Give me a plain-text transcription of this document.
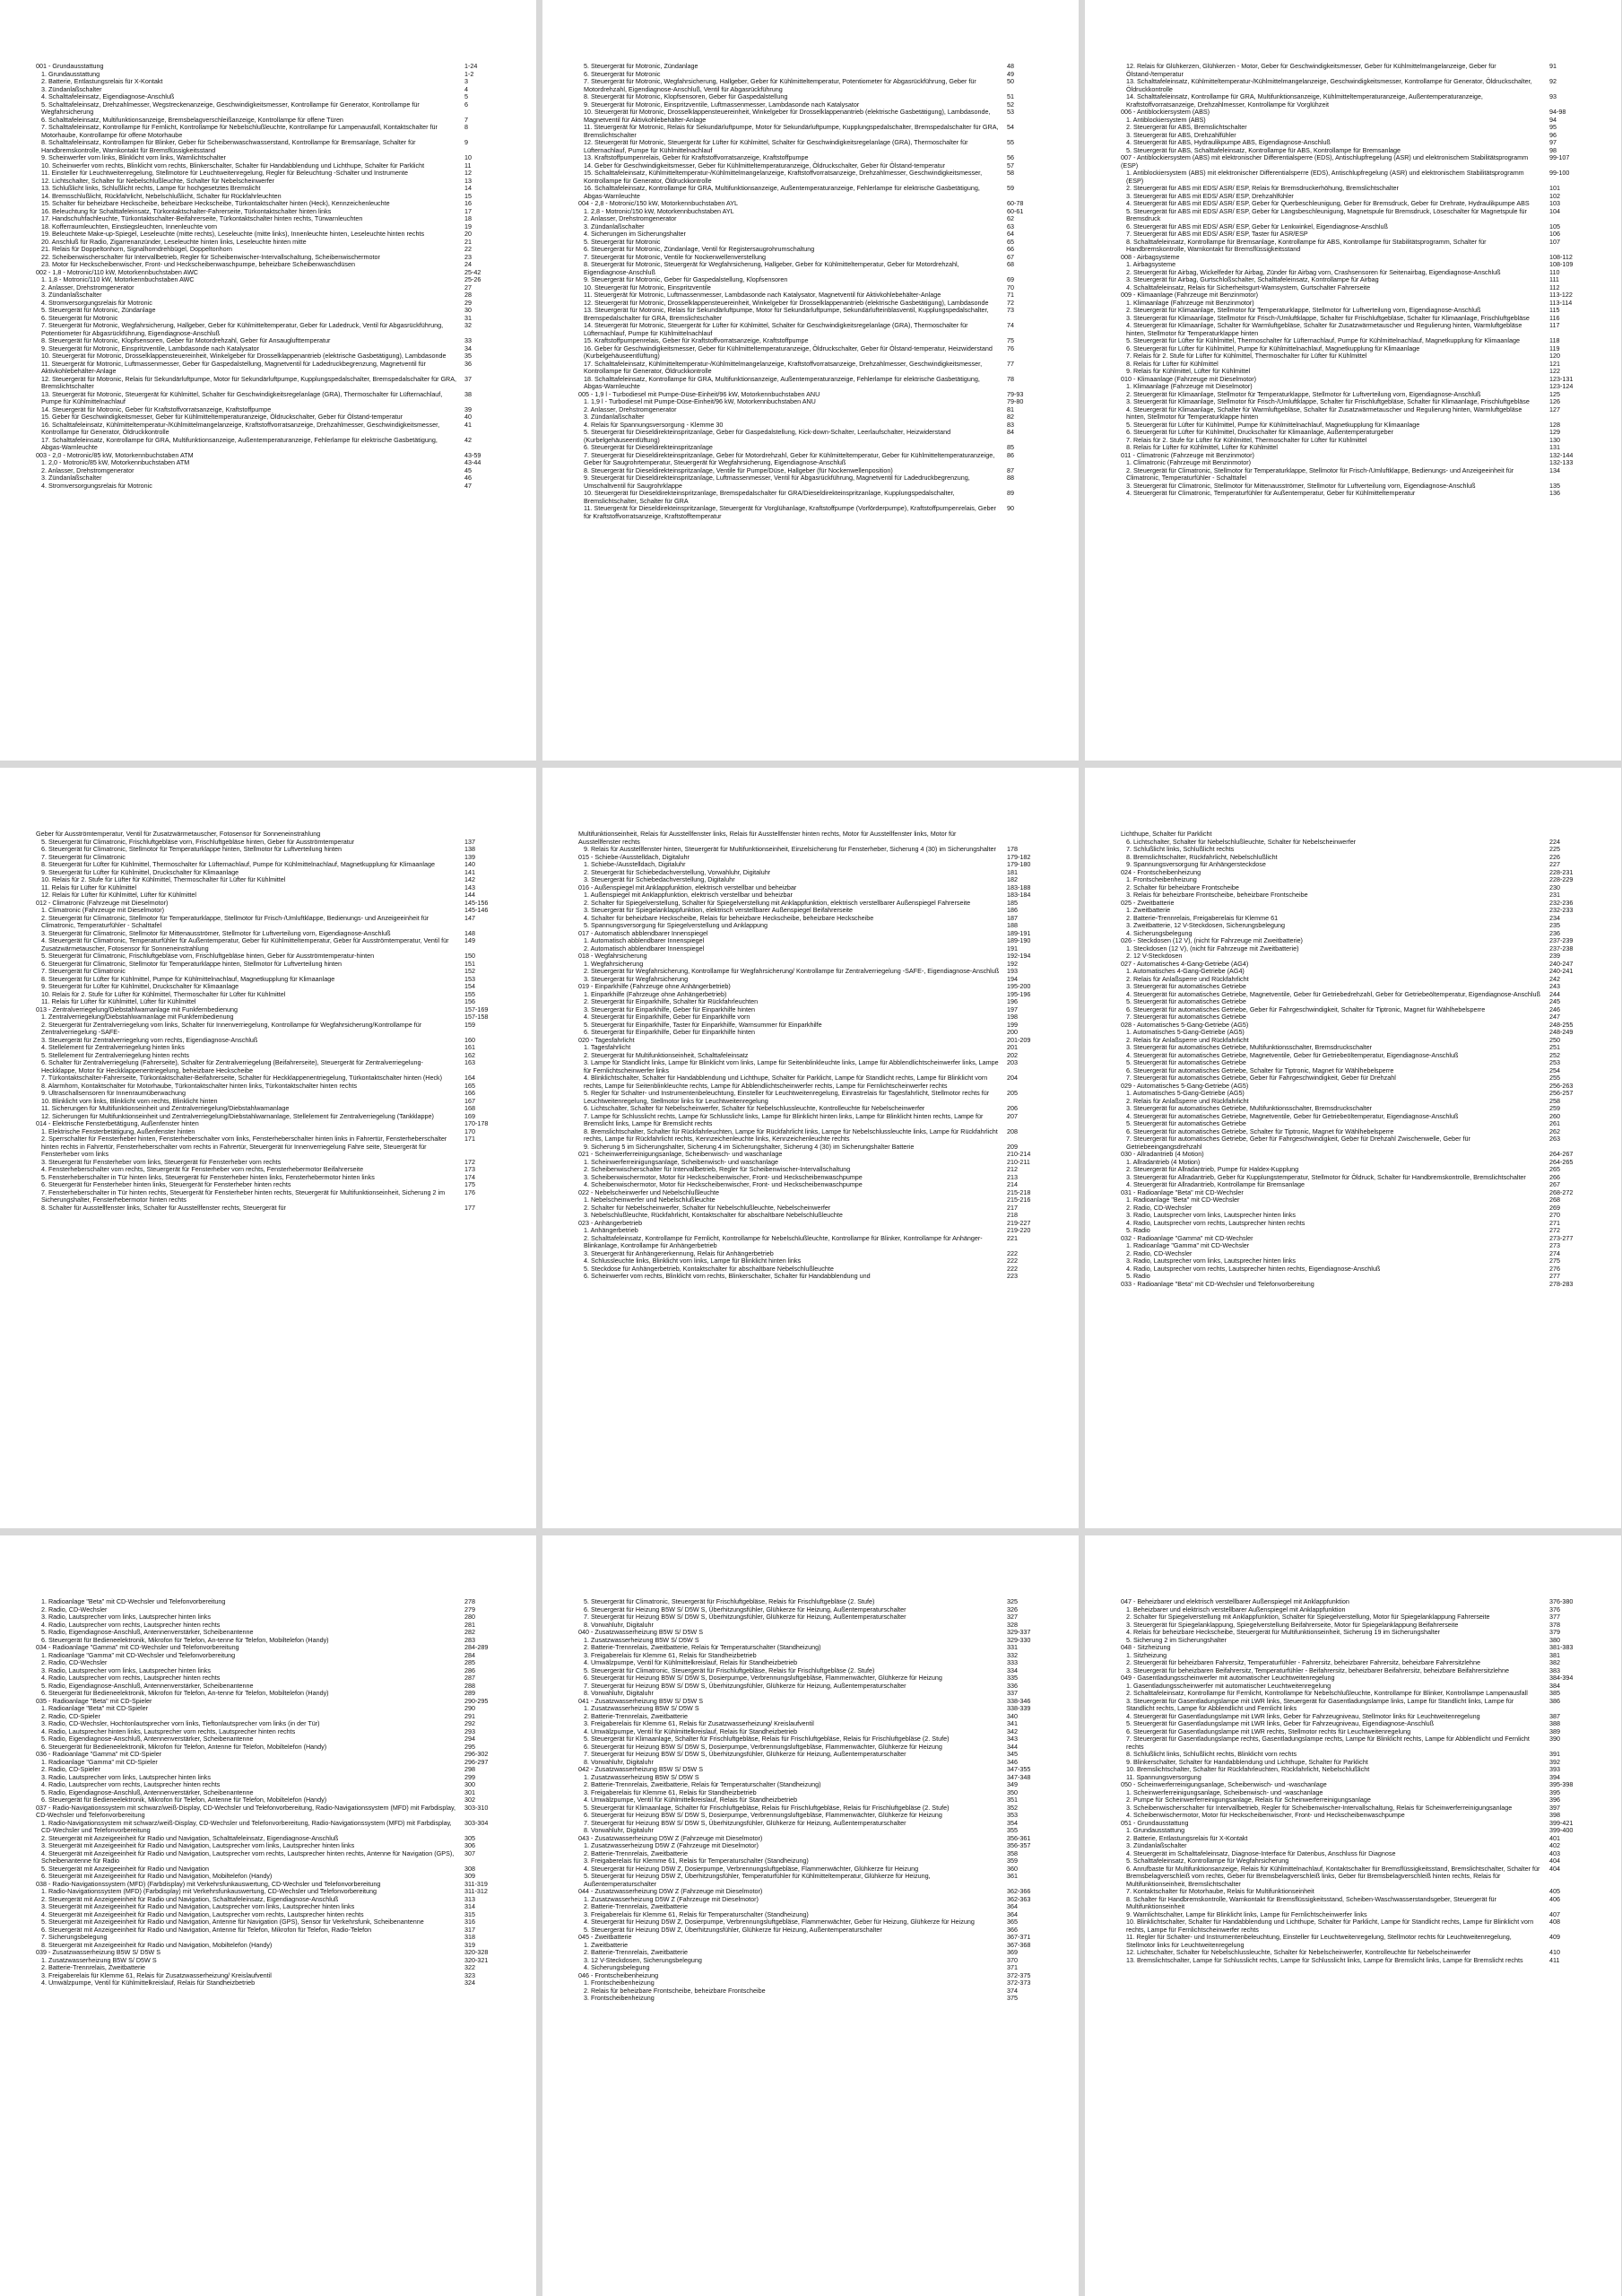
001 - Grundausstattung	1-24
1. Grundausstattung	1-2
2. Batterie, Entlastungsrelais für X-Kontakt	3
3. Zündanlaßschalter	4
4. Schalttafeleinsatz, Eigendiagnose-Anschluß	5
5. Schalttafeleinsatz, Drehzahlmesser, Wegstreckenanzeige, Geschwindigkeitsmesser, Kontrollampe für Generator, Kontrollampe für Wegfahrsicherung
6
6. Schalttafeleinsatz, Multifunktionsanzeige, Bremsbelagverschleißanzeige, Kontrollampe für offene Türen	7
7. Schalttafeleinsatz, Kontrollampe für Fernlicht, Kontrollampe für Nebelschlußleuchte, Kontrollampe für Lampenausfall, Kontaktschalter für Motorhaube, Kontrollampe für offene Motorhaube
8
8. Schalttafeleinsatz, Kontrollampen für Blinker, Geber für Scheibenwaschwasserstand, Kontrollampe für Bremsanlage, Schalter für Handbremskontrolle, Warnkontakt für Bremsflüssigkeitsstand
9
9. Scheinwerfer vorn links, Blinklicht vorn links, Warnlichtschalter	10
10. Scheinwerfer vorn rechts, Blinklicht vorn rechts, Blinkerschalter, Schalter für Handabblendung und Lichthupe, Schalter für Parklicht	11
11. Einsteller für Leuchtweitenregelung, Stellmotore für Leuchtweitenregelung, Regler für Beleuchtung -Schalter und Instrumente	12
12. Lichtschalter, Schalter für Nebelschlußleuchte, Schalter für Nebelscheinwerfer	13
13. Schlußlicht links, Schlußlicht rechts, Lampe für hochgesetztes Bremslicht	14
14. Bremsschlußlicht, Rückfahrlicht, Nebelschlußlicht, Schalter für Rückfahrleuchten	15
15. Schalter für beheizbare Heckscheibe, beheizbare Heckscheibe, Türkontaktschalter hinten (Heck), Kennzeichenleuchte	16
16. Beleuchtung für Schalttafeleinsatz, Türkontaktschalter-Fahrerseite, Türkontaktschalter hinten links	17
17. Handschuhfachleuchte, Türkontaktschalter-Beifahrerseite, Türkontaktschalter hinten rechts, Türwarnleuchten	18
18. Kofferraumleuchten, Einstiegsleuchten, Innenleuchte vorn	19
19. Beleuchtete Make-up-Spiegel, Leseleuchte (mitte rechts), Leseleuchte (mitte links), Innenleuchte hinten, Leseleuchte hinten rechts	20
20. Anschluß für Radio, Zigarrenanzünder, Leseleuchte hinten links, Leseleuchte hinten mitte	21
21. Relais für Doppeltonhorn, Signalhorndrehbügel, Doppeltonhorn	22
22. Scheibenwischerschalter für Intervallbetrieb, Regler für Scheibenwischer-Intervallschaltung, Scheibenwischermotor	23
23. Motor für Heckscheibenwischer, Front- und Heckscheibenwaschpumpe, beheizbare Scheibenwaschdüsen	24
002 - 1,8 - Motronic/110 kW, Motorkennbuchstaben AWC	25-42
1. 1,8 - Motronic/110 kW, Motorkennbuchstaben AWC	25-26
2. Anlasser, Drehstromgenerator	27
3. Zündanlaßschalter	28
4. Stromversorgungsrelais für Motronic	29
5. Steuergerät für Motronic, Zündanlage	30
6. Steuergerät für Motronic	31
7. Steuergerät für Motronic, Wegfahrsicherung, Hallgeber, Geber für Kühlmitteltemperatur, Geber für Ladedruck, Ventil für Abgasrückführung, Potentiometer für Abgasrückführung, Eigendiagnose-Anschluß
32
8. Steuergerät für Motronic, Klopfsensoren, Geber für Motordrehzahl, Geber für Ansauglufttemperatur	33
9. Steuergerät für Motronic, Einspritzventile, Lambdasonde nach Katalysator	34
10. Steuergerät für Motronic, Drosselklappensteuereinheit, Winkelgeber für Drosselklappenantrieb (elektrische Gasbetätigung), Lambdasonde	35
11. Steuergerät für Motronic, Luftmassenmesser, Geber für Gaspedalstellung, Magnetventil für Ladedruckbegrenzung, Magnetventil für Aktivkohlebehälter-Anlage
36
12. Steuergerät für Motronic, Relais für Sekundärluftpumpe, Motor für Sekundärluftpumpe, Kupplungspedalschalter, Bremspedalschalter für GRA, Bremslichtschalter
37
13. Steuergerät für Motronic, Steuergerät für Kühlmittel, Schalter für Geschwindigkeitsregelanlage (GRA), Thermoschalter für Lüfternachlauf, Pumpe für Kühlmittelnachlauf
38
14. Steuergerät für Motronic, Geber für Kraftstoffvorratsanzeige, Kraftstoffpumpe	39
15. Geber für Geschwindigkeitsmesser, Geber für Kühlmitteltemperaturanzeige, Öldruckschalter, Geber für Ölstand-temperatur	40
16. Schalttafeleinsatz, Kühlmitteltemperatur-/Kühlmittelmangelanzeige, Kraftstoffvorratsanzeige, Drehzahlmesser, Geschwindigkeitsmesser, Kontrollampe für Generator, Öldruckkontrolle
41
17. Schalttafeleinsatz, Kontrollampe für GRA, Multifunktionsanzeige, Außentemperaturanzeige, Fehlerlampe für elektrische Gasbetätigung, Abgas-Warnleuchte
42
003 - 2,0 - Motronic/85 kW, Motorkennbuchstaben ATM	43-59
1. 2,0 - Motronic/85 kW, Motorkennbuchstaben ATM	43-44
2. Anlasser, Drehstromgenerator	45
3. Zündanlaßschalter	46
4. Stromversorgungsrelais für Motronic	47
5. Steuergerät für Motronic, Zündanlage	48
6. Steuergerät für Motronic	49
7. Steuergerät für Motronic, Wegfahrsicherung, Hallgeber, Geber für Kühlmitteltemperatur, Potentiometer für Abgasrückführung, Geber für Motordrehzahl, Eigendiagnose-Anschluß, Ventil für Abgasrückführung
50
8. Steuergerät für Motronic, Klopfsensoren, Geber für Gaspedalstellung	51
9. Steuergerät für Motronic, Einspritzventile, Luftmassenmesser, Lambdasonde nach Katalysator	52
10. Steuergerät für Motronic, Drosselklappensteuereinheit, Winkelgeber für Drosselklappenantrieb (elektrische Gasbetätigung), Lambdasonde, Magnetventil für Aktivkohlebehälter-Anlage
53
11. Steuergerät für Motronic, Relais für Sekundärluftpumpe, Motor für Sekundärluftpumpe, Kupplungspedalschalter, Bremspedalschalter für GRA, Bremslichtschalter
54
12. Steuergerät für Motronic, Steuergerät für Lüfter für Kühlmittel, Schalter für Geschwindigkeitsregelanlage (GRA), Thermoschalter für Lüfternachlauf, Pumpe für Kühlmittelnachlauf
55
13. Kraftstoffpumpenrelais, Geber für Kraftstoffvorratsanzeige, Kraftstoffpumpe	56
14. Geber für Geschwindigkeitsmesser, Geber für Kühlmitteltemperaturanzeige, Öldruckschalter, Geber für Ölstand-temperatur	57
15. Schalttafeleinsatz, Kühlmitteltemperatur-/Kühlmittelmangelanzeige, Kraftstoffvorratsanzeige, Drehzahlmesser, Geschwindigkeitsmesser, Kontrollampe für Generator, Öldruckkontrolle
58
16. Schalttafeleinsatz, Kontrollampe für GRA, Multifunktionsanzeige, Außentemperaturanzeige, Fehlerlampe für elektrische Gasbetätigung, Abgas-Warnleuchte
59
004 - 2,8 - Motronic/150 kW, Motorkennbuchstaben AYL	60-78
1. 2,8 - Motronic/150 kW, Motorkennbuchstaben AYL	60-61
2. Anlasser, Drehstromgenerator	62
3. Zündanlaßschalter	63
4. Sicherungen im Sicherungshalter	64
5. Steuergerät für Motronic	65
6. Steuergerät für Motronic, Zündanlage, Ventil für Registersaugrohrumschaltung	66
7. Steuergerät für Motronic, Ventile für Nockenwellenverstellung	67
8. Steuergerät für Motronic, Steuergerät für Wegfahrsicherung, Hallgeber, Geber für Kühlmitteltemperatur, Geber für Motordrehzahl, Eigendiagnose-Anschluß
68
9. Steuergerät für Motronic, Geber für Gaspedalstellung, Klopfsensoren	69
10. Steuergerät für Motronic, Einspritzventile	70
11. Steuergerät für Motronic, Luftmassenmesser, Lambdasonde nach Katalysator, Magnetventil für Aktivkohlebehälter-Anlage	71
12. Steuergerät für Motronic, Drosselklappensteuereinheit, Winkelgeber für Drosselklappenantrieb (elektrische Gasbetätigung), Lambdasonde	72
13. Steuergerät für Motronic, Relais für Sekundärluftpumpe, Motor für Sekundärluftpumpe, Sekundärlufteinblasventil, Kupplungspedalschalter, Bremspedalschalter für GRA, Bremslichtschalter
73
14. Steuergerät für Motronic, Steuergerät für Lüfter für Kühlmittel, Schalter für Geschwindigkeitsregelanlage (GRA), Thermoschalter für Lüfternachlauf, Pumpe für Kühlmittelnachlauf
74
15. Kraftstoffpumpenrelais, Geber für Kraftstoffvorratsanzeige, Kraftstoffpumpe	75
16. Geber für Geschwindigkeitsmesser, Geber für Kühlmitteltemperaturanzeige, Öldruckschalter, Geber für Ölstand-temperatur, Heizwiderstand (Kurbelgehäuseentlüftung)
76
17. Schalttafeleinsatz, Kühlmitteltemperatur-/Kühlmittelmangelanzeige, Kraftstoffvorratsanzeige, Drehzahlmesser, Geschwindigkeitsmesser, Kontrollampe für Generator, Öldruckkontrolle
77
18. Schalttafeleinsatz, Kontrollampe für GRA, Multifunktionsanzeige, Außentemperaturanzeige, Fehlerlampe für elektrische Gasbetätigung, Abgas-Warnleuchte
78
005 - 1,9 l - Turbodiesel mit Pumpe-Düse-Einheit/96 kW, Motorkennbuchstaben ANU	79-93
1. 1,9 l - Turbodiesel mit Pumpe-Düse-Einheit/96 kW, Motorkennbuchstaben ANU	79-80
2. Anlasser, Drehstromgenerator	81
3. Zündanlaßschalter	82
4. Relais für Spannungsversorgung - Klemme 30	83
5. Steuergerät für Dieseldirekteinspritzanlage, Geber für Gaspedalstellung, Kick-down-Schalter, Leerlaufschalter, Heizwiderstand (Kurbelgehäuseentlüftung)
84
6. Steuergerät für Dieseldirekteinspritzanlage	85
7. Steuergerät für Dieseldirekteinspritzanlage, Geber für Motordrehzahl, Geber für Kühlmitteltemperatur, Geber für Kühlmitteltemperaturanzeige, Geber für Saugrohrtemperatur, Steuergerät für Wegfahrsicherung, Eigendiagnose-Anschluß
86
8. Steuergerät für Dieseldirekteinspritzanlage, Ventile für Pumpe/Düse, Hallgeber (für Nockenwellenposition)	87
9. Steuergerät für Dieseldirekteinspritzanlage, Luftmassenmesser, Ventil für Abgasrückführung, Magnetventil für Ladedruckbegrenzung, Umschaltventil für Saugrohrklappe
88
10. Steuergerät für Dieseldirekteinspritzanlage, Bremspedalschalter für GRA/Dieseldirekteinspritzanlage, Kupplungspedalschalter, Bremslichtschalter, Schalter für GRA
89
11. Steuergerät für Dieseldirekteinspritzanlage, Steuergerät für Vorglühanlage, Kraftstoffpumpe (Vorförderpumpe), Kraftstoffpumpenrelais, Geber für Kraftstoffvorratsanzeige, Kraftstofftemperatur
90
12. Relais für Glühkerzen, Glühkerzen - Motor, Geber für Geschwindigkeitsmesser, Geber für Kühlmittelmangelanzeige, Geber für Ölstand-/temperatur
91
13. Schalttafeleinsatz, Kühlmitteltemperatur-/Kühlmittelmangelanzeige, Geschwindigkeitsmesser, Kontrollampe für Generator, Öldruckschalter, Öldruckkontrolle
92
14. Schalttafeleinsatz, Kontrollampe für GRA, Multifunktionsanzeige, Kühlmitteltemperaturanzeige, Außentemperaturanzeige, Kraftstoffvorratsanzeige, Drehzahlmesser, Kontrollampe für Vorglühzeit
93
006 - Antiblockiersystem (ABS)	94-98
1. Antiblockiersystem (ABS)	94
2. Steuergerät für ABS, Bremslichtschalter	95
3. Steuergerät für ABS, Drehzahlfühler	96
4. Steuergerät für ABS, Hydraulikpumpe ABS, Eigendiagnose-Anschluß	97
5. Steuergerät für ABS, Schalttafeleinsatz, Kontrollampe für ABS, Kontrollampe für Bremsanlage	98
007 - Antiblockiersystem (ABS) mit elektronischer Differentialsperre (EDS), Antischlupfregelung (ASR) und elektronischem Stabilitätsprogramm (ESP)
99-107
1. Antiblockiersystem (ABS) mit elektronischer Differentialsperre (EDS), Antischlupfregelung (ASR) und elektronischem Stabilitätsprogramm (ESP)
99-100
2. Steuergerät für ABS mit EDS/ ASR/ ESP, Relais für Bremsdruckerhöhung, Bremslichtschalter	101
3. Steuergerät für ABS mit EDS/ ASR/ ESP, Drehzahlfühler	102
4. Steuergerät für ABS mit EDS/ ASR/ ESP, Geber für Querbeschleunigung, Geber für Bremsdruck, Geber für Drehrate, Hydraulikpumpe ABS	103
5. Steuergerät für ABS mit EDS/ ASR/ ESP, Geber für Längsbeschleunigung, Magnetspule für Bremsdruck, Löseschalter für Magnetspule für Bremsdruck
104
6. Steuergerät für ABS mit EDS/ ASR/ ESP, Geber für Lenkwinkel, Eigendiagnose-Anschluß	105
7. Steuergerät für ABS mit EDS/ ASR/ ESP, Taster für ASR/ESP	106
8. Schalttafeleinsatz, Kontrollampe für Bremsanlage, Kontrollampe für ABS, Kontrollampe für Stabilitätsprogramm, Schalter für Handbremskontrolle, Warnkontakt für Bremsflüssigkeitsstand
107
008 - Airbagsysteme	108-112
1. Airbagsysteme	108-109
2. Steuergerät für Airbag, Wickelfeder für Airbag, Zünder für Airbag vorn, Crashsensoren für Seitenairbag, Eigendiagnose-Anschluß	110
3. Steuergerät für Airbag, Gurtschloßschalter, Schalttafeleinsatz, Kontrollampe für Airbag	111
4. Schalttafeleinsatz, Relais für Sicherheitsgurt-Warnsystem, Gurtschalter Fahrerseite	112
009 - Klimaanlage (Fahrzeuge mit Benzinmotor)	113-122
1. Klimaanlage (Fahrzeuge mit Benzinmotor)	113-114
2. Steuergerät für Klimaanlage, Stellmotor für Temperaturklappe, Stellmotor für Luftverteilung vorn, Eigendiagnose-Anschluß	115
3. Steuergerät für Klimaanlage, Stellmotor für Frisch-/Umluftklappe, Schalter für Frischluftgebläse, Schalter für Klimaanlage, Frischluftgebläse	116
4. Steuergerät für Klimaanlage, Schalter für Warmluftgebläse, Schalter für Zusatzwärmetauscher und Regulierung hinten, Warmluftgebläse hinten, Stellmotor für Temperaturklappe hinten
117
5. Steuergerät für Lüfter für Kühlmittel, Thermoschalter für Lüfternachlauf, Pumpe für Kühlmittelnachlauf, Magnetkupplung für Klimaanlage	118
6. Steuergerät für Lüfter für Kühlmittel, Pumpe für Kühlmittelnachlauf, Magnetkupplung für Klimaanlage	119
7. Relais für 2. Stufe für Lüfter für Kühlmittel, Thermoschalter für Lüfter für Kühlmittel	120
8. Relais für Lüfter für Kühlmittel	121
9. Relais für Kühlmittel, Lüfter für Kühlmittel	122
010 - Klimaanlage (Fahrzeuge mit Dieselmotor)	123-131
1. Klimaanlage (Fahrzeuge mit Dieselmotor)	123-124
2. Steuergerät für Klimaanlage, Stellmotor für Temperaturklappe, Stellmotor für Luftverteilung vorn, Eigendiagnose-Anschluß	125
3. Steuergerät für Klimaanlage, Stellmotor für Frisch-/Umluftklappe, Schalter für Frischluftgebläse, Schalter für Klimaanlage, Frischluftgebläse	126
4. Steuergerät für Klimaanlage, Schalter für Warmluftgebläse, Schalter für Zusatzwärmetauscher und Regulierung hinten, Warmluftgebläse hinten, Stellmotor für Temperaturklappe hinten
127
5. Steuergerät für Lüfter für Kühlmittel, Pumpe für Kühlmittelnachlauf, Magnetkupplung für Klimaanlage	128
6. Steuergerät für Lüfter für Kühlmittel, Druckschalter für Klimaanlage, Außentemperaturgeber	129
7. Relais für 2. Stufe für Lüfter für Kühlmittel, Thermoschalter für Lüfter für Kühlmittel	130
8. Relais für Lüfter für Kühlmittel, Lüfter für Kühlmittel	131
011 - Climatronic (Fahrzeuge mit Benzinmotor)	132-144
1. Climatronic (Fahrzeuge mit Benzinmotor)	132-133
2. Steuergerät für Climatronic, Stellmotor für Temperaturklappe, Stellmotor für Frisch-/Umluftklappe, Bedienungs- und Anzeigeeinheit für Climatronic, Temperaturfühler - Schalttafel
134
3. Steuergerät für Climatronic, Stellmotor für Mittenausströmer, Stellmotor für Luftverteilung vorn, Eigendiagnose-Anschluß	135
4. Steuergerät für Climatronic, Temperaturfühler für Außentemperatur, Geber für Kühlmitteltemperatur	136
Geber für Ausströmtemperatur, Ventil für Zusatzwärmetauscher, Fotosensor für Sonneneinstrahlung
5. Steuergerät für Climatronic, Frischluftgebläse vorn, Frischluftgebläse hinten, Geber für Ausströmtemperatur	137
6. Steuergerät für Climatronic, Stellmotor für Temperaturklappe hinten, Stellmotor für Luftverteilung hinten	138
7. Steuergerät für Climatronic	139
8. Steuergerät für Lüfter für Kühlmittel, Thermoschalter für Lüfternachlauf, Pumpe für Kühlmittelnachlauf, Magnetkupplung für Klimaanlage	140
9. Steuergerät für Lüfter für Kühlmittel, Druckschalter für Klimaanlage	141
10. Relais für 2. Stufe für Lüfter für Kühlmittel, Thermoschalter für Lüfter für Kühlmittel	142
11. Relais für Lüfter für Kühlmittel	143
12. Relais für Lüfter für Kühlmittel, Lüfter für Kühlmittel	144
012 - Climatronic (Fahrzeuge mit Dieselmotor)	145-156
1. Climatronic (Fahrzeuge mit Dieselmotor)	145-146
2. Steuergerät für Climatronic, Stellmotor für Temperaturklappe, Stellmotor für Frisch-/Umluftklappe, Bedienungs- und Anzeigeeinheit für Climatronic, Temperaturfühler - Schalttafel
147
3. Steuergerät für Climatronic, Stellmotor für Mittenausströmer, Stellmotor für Luftverteilung vorn, Eigendiagnose-Anschluß	148
4. Steuergerät für Climatronic, Temperaturfühler für Außentemperatur, Geber für Kühlmitteltemperatur, Geber für Ausströmtemperatur, Ventil für Zusatzwärmetauscher, Fotosensor für Sonneneinstrahlung
149
5. Steuergerät für Climatronic, Frischluftgebläse vorn, Frischluftgebläse hinten, Geber für Ausströmtemperatur-hinten	150
6. Steuergerät für Climatronic, Stellmotor für Temperaturklappe hinten, Stellmotor für Luftverteilung hinten	151
7. Steuergerät für Climatronic	152
8. Steuergerät für Lüfter für Kühlmittel, Pumpe für Kühlmittelnachlauf, Magnetkupplung für Klimaanlage	153
9. Steuergerät für Lüfter für Kühlmittel, Druckschalter für Klimaanlage	154
10. Relais für 2. Stufe für Lüfter für Kühlmittel, Thermoschalter für Lüfter für Kühlmittel	155
11. Relais für Lüfter für Kühlmittel, Lüfter für Kühlmittel	156
013 - Zentralverriegelung/Diebstahlwarnanlage mit Funkfernbedienung	157-169
1. Zentralverriegelung/Diebstahlwarnanlage mit Funkfernbedienung	157-158
2. Steuergerät für Zentralverriegelung vorn links, Schalter für Innenverriegelung, Kontrollampe für Wegfahrsicherung/Kontrollampe für Zentralverriegelung -SAFE-
159
3. Steuergerät für Zentralverriegelung vorn rechts, Eigendiagnose-Anschluß	160
4. Stellelement für Zentralverriegelung hinten links	161
5. Stellelement für Zentralverriegelung hinten rechts	162
6. Schalter für Zentralverriegelung (Fahrerseite), Schalter für Zentralverriegelung (Beifahrerseite), Steuergerät für Zentralverriegelung-Heckklappe, Motor für Heckklappenentriegelung, beheizbare Heckscheibe
163
7. Türkontaktschalter-Fahrerseite, Türkontaktschalter-Beifahrerseite, Schalter für Heckklappenentriegelung, Türkontaktschalter hinten (Heck)	164
8. Alarmhorn, Kontaktschalter für Motorhaube, Türkontaktschalter hinten links, Türkontaktschalter hinten rechts	165
9. Ultraschallsensoren für Innenraumüberwachung	166
10. Blinklicht vorn links, Blinklicht vorn rechts, Blinklicht hinten	167
11. Sicherungen für Multifunktionseinheit und Zentralverriegelung/Diebstahlwarnanlage	168
12. Sicherungen für Multifunktionseinheit und Zentralverriegelung/Diebstahlwarnanlage, Stellelement für Zentralverriegelung (Tankklappe)	169
014 - Elektrische Fensterbetätigung, Außenfenster hinten	170-178
1. Elektrische Fensterbetätigung, Außenfenster hinten	170
2. Sperrschalter für Fensterheber hinten, Fensterheberschalter vorn links, Fensterheberschalter hinten links in Fahrertür, Fensterheberschalter hinten rechts in Fahrertür, Fensterheberschalter vorn rechts in Fahrertür, Steuergerät für Innenverriegelung Fahre seite, Steuergerät für Fensterheber vorn links
171
3. Steuergerät für Fensterheber vorn links, Steuergerät für Fensterheber vorn rechts	172
4. Fensterheberschalter vorn rechts, Steuergerät für Fensterheber vorn rechts, Fensterhebermotor Beifahrerseite	173
5. Fensterheberschalter in Tür hinten links, Steuergerät für Fensterheber hinten links, Fensterhebermotor hinten links	174
6. Steuergerät für Fensterheber hinten links, Steuergerät für Fensterheber hinten rechts	175
7. Fensterheberschalter in Tür hinten rechts, Steuergerät für Fensterheber hinten rechts, Steuergerät für Multifunktionseinheit, Sicherung 2 im Sicherungshalter, Fensterhebermotor hinten rechts
176
8. Schalter für Ausstellfenster links, Schalter für Ausstellfenster rechts, Steuergerät für	177
Multifunktionseinheit, Relais für Ausstellfenster links, Relais für Ausstellfenster hinten rechts, Motor für Ausstellfenster links, Motor für Ausstellfenster rechts
9. Relais für Ausstellfenster hinten, Steuergerät für Multifunktionseinheit, Einzelsicherung für Fensterheber, Sicherung 4 (30) im Sicherungshalter	178
015 - Schiebe-/Ausstelldach, Digitaluhr	179-182
1. Schiebe-/Ausstelldach, Digitaluhr	179-180
2. Steuergerät für Schiebedachverstellung, Vorwahluhr, Digitaluhr	181
3. Steuergerät für Schiebedachverstellung, Digitaluhr	182
016 - Außenspiegel mit Anklappfunktion, elektrisch verstellbar und beheizbar	183-188
1. Außenspiegel mit Anklappfunktion, elektrisch verstellbar und beheizbar	183-184
2. Schalter für Spiegelverstellung, Schalter für Spiegelverstellung mit Anklappfunktion, elektrisch verstellbarer Außenspiegel Fahrerseite	185
3. Steuergerät für Spiegelanklappfunktion, elektrisch verstellbarer Außenspiegel Beifahrerseite	186
4. Schalter für beheizbare Heckscheibe, Relais für beheizbare Heckscheibe, beheizbare Heckscheibe	187
5. Spannungsversorgung für Spiegelverstellung und Anklappung	188
017 - Automatisch abblendbarer Innenspiegel	189-191
1. Automatisch abblendbarer Innenspiegel	189-190
2. Automatisch abblendbarer Innenspiegel	191
018 - Wegfahrsicherung	192-194
1. Wegfahrsicherung	192
2. Steuergerät für Wegfahrsicherung, Kontrollampe für Wegfahrsicherung/ Kontrollampe für Zentralverriegelung -SAFE-, Eigendiagnose-Anschluß	193
3. Steuergerät für Wegfahrsicherung	194
019 - Einparkhilfe (Fahrzeuge ohne Anhängerbetrieb)	195-200
1. Einparkhilfe (Fahrzeuge ohne Anhängerbetrieb)	195-196
2. Steuergerät für Einparkhilfe, Schalter für Rückfahrleuchten	196
3. Steuergerät für Einparkhilfe, Geber für Einparkhilfe hinten	197
4. Steuergerät für Einparkhilfe, Geber für Einparkhilfe vorn	198
5. Steuergerät für Einparkhilfe, Taster für Einparkhilfe, Warnsummer für Einparkhilfe	199
6. Steuergerät für Einparkhilfe, Geber für Einparkhilfe hinten	200
020 - Tagesfahrlicht	201-209
1. Tagesfahrlicht	201
2. Steuergerät für Multifunktionseinheit, Schalttafeleinsatz	202
3. Lampe für Standlicht links, Lampe für Blinklicht vorn links, Lampe für Seitenblinkleuchte links, Lampe für Abblendlichtscheinwerfer links, Lampe für Fernlichtscheinwerfer links
203
4. Blinklichtschalter, Schalter für Handabblendung und Lichthupe, Schalter für Parklicht, Lampe für Standlicht rechts, Lampe für Blinklicht vorn rechts, Lampe für Seitenblinkleuchte rechts, Lampe für Abblendlichtscheinwerfer rechts, Lampe für Fernlichtscheinwerfer rechts
204
5. Regler für Schalter- und Instrumentenbeleuchtung, Einsteller für Leuchtweitenregelung, Einrastrelais für Tagesfahrlicht, Stellmotor rechts für Leuchtweitenregelung, Stellmotor links für Leuchtweitenregelung
205
6. Lichtschalter, Schalter für Nebelscheinwerfer, Schalter für Nebelschlussleuchte, Kontrolleuchte für Nebelscheinwerfer	206
7. Lampe für Schlusslicht rechts, Lampe für Schlusslicht links, Lampe für Blinklicht hinten links, Lampe für Blinklicht hinten rechts, Lampe für Bremslicht links, Lampe für Bremslicht rechts
207
8. Bremslichtschalter, Schalter für Rückfahrleuchten, Lampe für Rückfahrlicht links, Lampe für Nebelschlussleuchte links, Lampe für Rückfahrlicht rechts, Lampe für Rückfahrlicht rechts, Kennzeichenleuchte links, Kennzeichenleuchte rechts
208
9. Sicherung 5 im Sicherungshalter, Sicherung 4 im Sicherungshalter, Sicherung 4 (30) im Sicherungshalter Batterie	209
021 - Scheinwerferreinigungsanlage, Scheibenwisch- und waschanlage	210-214
1. Scheinwerferreinigungsanlage, Scheibenwisch- und waschanlage	210-211
2. Scheibenwischerschalter für Intervallbetrieb, Regler für Scheibenwischer-Intervallschaltung	212
3. Scheibenwischermotor, Motor für Heckscheibenwischer, Front- und Heckscheibenwaschpumpe	213
4. Scheibenwischermotor, Motor für Heckscheibenwischer, Front- und Heckscheibenwaschpumpe	214
022 - Nebelscheinwerfer und Nebelschlußleuchte	215-218
1. Nebelscheinwerfer und Nebelschlußleuchte	215-216
2. Schalter für Nebelscheinwerfer, Schalter für Nebelschlußleuchte, Nebelscheinwerfer	217
3. Nebelschlußleuchte, Rückfahrlicht, Kontaktschalter für abschaltbare Nebelschlußleuchte	218
023 - Anhängerbetrieb	219-227
1. Anhängerbetrieb	219-220
2. Schalttafeleinsatz, Kontrollampe für Fernlicht, Kontrollampe für Nebelschlußleuchte, Kontrollampe für Blinker, Kontrollampe für Anhänger-Blinkanlage, Kontrollampe für Anhängerbetrieb
221
3. Steuergerät für Anhängererkennung, Relais für Anhängerbetrieb	222
4. Schlussleuchte links, Blinklicht vorn links, Lampe für Blinklicht hinten links	222
5. Steckdose für Anhängerbetrieb, Kontaktschalter für abschaltbare Nebelschlußleuchte	222
6. Scheinwerfer vorn rechts, Blinklicht vorn rechts, Blinkerschalter, Schalter für Handabblendung und	223
Lichthupe, Schalter für Parklicht
6. Lichtschalter, Schalter für Nebelschlußleuchte, Schalter für Nebelscheinwerfer	224
7. Schlußlicht links, Schlußlicht rechts	225
8. Bremslichtschalter, Rückfahrlicht, Nebelschlußlicht	226
9. Spannungsversorgung für Anhängersteckdose	227
024 - Frontscheibenheizung	228-231
1. Frontscheibenheizung	228-229
2. Schalter für beheizbare Frontscheibe	230
3. Relais für beheizbare Frontscheibe, beheizbare Frontscheibe	231
025 - Zweitbatterie	232-236
1. Zweitbatterie	232-233
2. Batterie-Trennrelais, Freigaberelais für Klemme 61	234
3. Zweitbatterie, 12 V-Steckdosen, Sicherungsbelegung	235
4. Sicherungsbelegung	236
026 - Steckdosen (12 V), (nicht für Fahrzeuge mit Zweitbatterie)	237-239
1. Steckdosen (12 V), (nicht für Fahrzeuge mit Zweitbatterie)	237-238
2. 12 V-Steckdosen	239
027 - Automatisches 4-Gang-Getriebe (AG4)	240-247
1. Automatisches 4-Gang-Getriebe (AG4)	240-241
2. Relais für Anlaßsperre und Rückfahrlicht	242
3. Steuergerät für automatisches Getriebe	243
4. Steuergerät für automatisches Getriebe, Magnetventile, Geber für Getriebedrehzahl, Geber für Getriebeöltemperatur, Eigendiagnose-Anschluß	244
5. Steuergerät für automatisches Getriebe	245
6. Steuergerät für automatisches Getriebe, Geber für Fahrgeschwindigkeit, Schalter für Tiptronic, Magnet für Wählhebelsperre	246
7. Steuergerät für automatisches Getriebe	247
028 - Automatisches 5-Gang-Getriebe (AG5)	248-255
1. Automatisches 5-Gang-Getriebe (AG5)	248-249
2. Relais für Anlaßsperre und Rückfahrlicht	250
3. Steuergerät für automatisches Getriebe, Multifunktionsschalter, Bremsdruckschalter	251
4. Steuergerät für automatisches Getriebe, Magnetventile, Geber für Getriebeöltemperatur, Eigendiagnose-Anschluß	252
5. Steuergerät für automatisches Getriebe	253
6. Steuergerät für automatisches Getriebe, Schalter für Tiptronic, Magnet für Wählhebelsperre	254
7. Steuergerät für automatisches Getriebe, Geber für Fahrgeschwindigkeit, Geber für Drehzahl	255
029 - Automatisches 5-Gang-Getriebe (AG5)	256-263
1. Automatisches 5-Gang-Getriebe (AG5)	256-257
2. Relais für Anlaßsperre und Rückfahrlicht	258
3. Steuergerät für automatisches Getriebe, Multifunktionsschalter, Bremsdruckschalter	259
4. Steuergerät für automatisches Getriebe, Magnetventile, Geber für Getriebeöltemperatur, Eigendiagnose-Anschluß	260
5. Steuergerät für automatisches Getriebe	261
6. Steuergerät für automatisches Getriebe, Schalter für Tiptronic, Magnet für Wählhebelsperre	262
7. Steuergerät für automatisches Getriebe, Geber für Fahrgeschwindigkeit, Geber für Drehzahl Zwischenwelle, Geber für Getriebeeingangsdrehzahl
263
030 - Allradantrieb (4 Motion)	264-267
1. Allradantrieb (4 Motion)	264-265
2. Steuergerät für Allradantrieb, Pumpe für Haldex-Kupplung	265
3. Steuergerät für Allradantrieb, Geber für Kupplungstemperatur, Stellmotor für Öldruck, Schalter für Handbremskontrolle, Bremslichtschalter	266
4. Steuergerät für Allradantrieb, Kontrollampe für Bremsanlage	267
031 - Radioanlage "Beta" mit CD-Wechsler	268-272
1. Radioanlage "Beta" mit CD-Wechsler	268
2. Radio, CD-Wechsler	269
3. Radio, Lautsprecher vorn links, Lautsprecher hinten links	270
4. Radio, Lautsprecher vorn rechts, Lautsprecher hinten rechts	271
5. Radio	272
032 - Radioanlage "Gamma" mit CD-Wechsler	273-277
1. Radioanlage "Gamma" mit CD-Wechsler	273
2. Radio, CD-Wechsler	274
3. Radio, Lautsprecher vorn links, Lautsprecher hinten links	275
4. Radio, Lautsprecher vorn rechts, Lautsprecher hinten rechts, Eigendiagnose-Anschluß	276
5. Radio	277
033 - Radioanlage "Beta" mit CD-Wechsler und Telefonvorbereitung	278-283
1. Radioanlage "Beta" mit CD-Wechsler und Telefonvorbereitung	278
2. Radio, CD-Wechsler	279
3. Radio, Lautsprecher vorn links, Lautsprecher hinten links	280
4. Radio, Lautsprecher vorn rechts, Lautsprecher hinten rechts	281
5. Radio, Eigendiagnose-Anschluß, Antennenverstärker, Scheibenantenne	282
6. Steuergerät für Bedieneelektronik, Mikrofon für Telefon, An-tenne für Telefon, Mobiltelefon (Handy)	283
034 - Radioanlage "Gamma" mit CD-Wechsler und Telefonvorbereitung	284-289
1. Radioanlage "Gamma" mit CD-Wechsler und Telefonvorbereitung	284
2. Radio, CD-Wechsler	285
3. Radio, Lautsprecher vorn links, Lautsprecher hinten links	286
4. Radio, Lautsprecher vorn rechts, Lautsprecher hinten rechts	287
5. Radio, Eigendiagnose-Anschluß, Antennenverstärker, Scheibenantenne	288
6. Steuergerät für Bedieneelektronik, Mikrofon für Telefon, An-tenne für Telefon, Mobiltelefon (Handy)	289
035 - Radioanlage "Beta" mit CD-Spieler	290-295
1. Radioanlage "Beta" mit CD-Spieler	290
2. Radio, CD-Spieler	291
3. Radio, CD-Wechsler, Hochtonlautsprecher vorn links, Tieftonlautsprecher vorn links (in der Tür)	292
4. Radio, Lautsprecher hinten links, Lautsprecher vorn rechts, Lautsprecher hinten rechts	293
5. Radio, Eigendiagnose-Anschluß, Antennenverstärker, Scheibenantenne	294
6. Steuergerät für Bedieneelektronik, Mikrofon für Telefon, Antenne für Telefon, Mobiltelefon (Handy)	295
036 - Radioanlage "Gamma" mit CD-Spieler	296-302
1. Radioanlage "Gamma" mit CD-Spieler	296-297
2. Radio, CD-Spieler	298
3. Radio, Lautsprecher vorn links, Lautsprecher hinten links	299
4. Radio, Lautsprecher vorn rechts, Lautsprecher hinten rechts	300
5. Radio, Eigendiagnose-Anschluß, Antennenverstärker, Scheibenantenne	301
6. Steuergerät für Bedieneelektronik, Mikrofon für Telefon, Antenne für Telefon, Mobiltelefon (Handy)	302
037 - Radio-Navigationssystem mit schwarz/weiß-Display, CD-Wechsler und Telefonvorbereitung, Radio-Navigationssystem (MFD) mit Farbdisplay, CD-Wechsler und Telefonvorbereitung
303-310
1. Radio-Navigationssystem mit schwarz/weiß-Display, CD-Wechsler und Telefonvorbereitung, Radio-Navigationssystem (MFD) mit Farbdisplay, CD-Wechsler und Telefonvorbereitung
303-304
2. Steuergerät mit Anzeigeeinheit für Radio und Navigation, Schalttafeleinsatz, Eigendiagnose-Anschluß	305
3. Steuergerät mit Anzeigeeinheit für Radio und Navigation, Lautsprecher vorn links, Lautsprecher hinten links	306
4. Steuergerät mit Anzeigeeinheit für Radio und Navigation, Lautsprecher vorn rechts, Lautsprecher hinten rechts, Antenne für Navigation (GPS), Scheibenantenne für Radio
307
5. Steuergerät mit Anzeigeeinheit für Radio und Navigation	308
6. Steuergerät mit Anzeigeeinheit für Radio und Navigation, Mobiltelefon (Handy)	309
038 - Radio-Navigationssystem (MFD) (Farbdisplay) mit Verkehrsfunkauswertung, CD-Wechsler und Telefonvorbereitung	311-319
1. Radio-Navigationssystem (MFD) (Farbdisplay) mit Verkehrsfunkauswertung, CD-Wechsler und Telefonvorbereitung	311-312
2. Steuergerät mit Anzeigeeinheit für Radio und Navigation, Schalttafeleinsatz, Eigendiagnose-Anschluß	313
3. Steuergerät mit Anzeigeeinheit für Radio und Navigation, Lautsprecher vorn links, Lautsprecher hinten links	314
4. Steuergerät mit Anzeigeeinheit für Radio und Navigation, Lautsprecher vorn rechts, Lautsprecher hinten rechts	315
5. Steuergerät mit Anzeigeeinheit für Radio und Navigation, Antenne für Navigation (GPS), Sensor für Verkehrsfunk, Scheibenantenne	316
6. Steuergerät mit Anzeigeeinheit für Radio und Navigation, Antenne für Telefon, Mikrofon für Telefon, Radio-Telefon	317
7. Sicherungsbelegung	318
8. Steuergerät mit Anzeigeeinheit für Radio und Navigation, Mobiltelefon (Handy)	319
039 - Zusatzwasserheizung B5W S/ D5W S	320-328
1. Zusatzwasserheizung B5W S/ D5W S	320-321
2. Batterie-Trennrelais, Zweitbatterie	322
3. Freigaberelais für Klemme 61, Relais für Zusatzwasserheizung/ Kreislaufventil	323
4. Umwälzpumpe, Ventil für Kühlmittelkreislauf, Relais für Standheizbetrieb	324
5. Steuergerät für Climatronic, Steuergerät für Frischluftgebläse, Relais für Frischluftgebläse (2. Stufe)	325
6. Steuergerät für Heizung B5W S/ D5W S, Überhitzungsfühler, Glühkerze für Heizung, Außentemperaturschalter	326
7. Steuergerät für Heizung B5W S/ D5W S, Überhitzungsfühler, Glühkerze für Heizung, Außentemperaturschalter	327
8. Vorwahluhr, Digitaluhr	328
040 - Zusatzwasserheizung B5W S/ D5W S	329-337
1. Zusatzwasserheizung B5W S/ D5W S	329-330
2. Batterie-Trennrelais, Zweitbatterie, Relais für Temperaturschalter (Standheizung)	331
3. Freigaberelais für Klemme 61, Relais für Standheizbetrieb	332
4. Umwälzpumpe, Ventil für Kühlmittelkreislauf, Relais für Standheizbetrieb	333
5. Steuergerät für Climatronic, Steuergerät für Frischluftgebläse, Relais für Frischluftgebläse (2. Stufe)	334
6. Steuergerät für Heizung B5W S/ D5W S, Dosierpumpe, Verbrennungsluftgebläse, Flammenwächter, Glühkerze für Heizung	335
7. Steuergerät für Heizung B5W S/ D5W S, Überhitzungsfühler, Glühkerze für Heizung, Außentemperaturschalter	336
8. Vorwahluhr, Digitaluhr	337
041 - Zusatzwasserheizung B5W S/ D5W S	338-346
1. Zusatzwasserheizung B5W S/ D5W S	338-339
2. Batterie-Trennrelais, Zweitbatterie	340
3. Freigaberelais für Klemme 61, Relais für Zusatzwasserheizung/ Kreislaufventil	341
4. Umwälzpumpe, Ventil für Kühlmittelkreislauf, Relais für Standheizbetrieb	342
5. Steuergerät für Klimaanlage, Schalter für Frischluftgebläse, Relais für Frischluftgebläse, Relais für Frischluftgebläse (2. Stufe)	343
6. Steuergerät für Heizung B5W S/ D5W S, Dosierpumpe, Verbrennungsluftgebläse, Flammenwächter, Glühkerze für Heizung	344
7. Steuergerät für Heizung B5W S/ D5W S, Überhitzungsfühler, Glühkerze für Heizung, Außentemperaturschalter	345
8. Vorwahluhr, Digitaluhr	346
042 - Zusatzwasserheizung B5W S/ D5W S	347-355
1. Zusatzwasserheizung B5W S/ D5W S	347-348
2. Batterie-Trennrelais, Zweitbatterie, Relais für Temperaturschalter (Standheizung)	349
3. Freigaberelais für Klemme 61, Relais für Standheizbetrieb	350
4. Umwälzpumpe, Ventil für Kühlmittelkreislauf, Relais für Standheizbetrieb	351
5. Steuergerät für Klimaanlage, Schalter für Frischluftgebläse, Relais für Frischluftgebläse, Relais für Frischluftgebläse (2. Stufe)	352
6. Steuergerät für Heizung B5W S/ D5W S, Dosierpumpe, Verbrennungsluftgebläse, Flammenwächter, Glühkerze für Heizung	353
7. Steuergerät für Heizung B5W S/ D5W S, Überhitzungsfühler, Glühkerze für Heizung, Außentemperaturschalter	354
8. Vorwahluhr, Digitaluhr	355
043 - Zusatzwasserheizung D5W Z (Fahrzeuge mit Dieselmotor)	356-361
1. Zusatzwasserheizung D5W Z (Fahrzeuge mit Dieselmotor)	356-357
2. Batterie-Trennrelais, Zweitbatterie	358
3. Freigaberelais für Klemme 61, Relais für Temperaturschalter (Standheizung)	359
4. Steuergerät für Heizung D5W Z, Dosierpumpe, Verbrennungsluftgebläse, Flammenwächter, Glühkerze für Heizung	360
5. Steuergerät für Heizung D5W Z, Überhitzungsfühler, Temperaturfühler für Kühlmitteltemperatur, Glühkerze für Heizung, Außentemperaturschalter
361
044 - Zusatzwasserheizung D5W Z (Fahrzeuge mit Dieselmotor)	362-366
1. Zusatzwasserheizung D5W Z (Fahrzeuge mit Dieselmotor)	362-363
2. Batterie-Trennrelais, Zweitbatterie	364
3. Freigaberelais für Klemme 61, Relais für Temperaturschalter (Standheizung)	364
4. Steuergerät für Heizung D5W Z, Dosierpumpe, Verbrennungsluftgebläse, Flammenwächter, Geber für Heizung, Glühkerze für Heizung	365
5. Steuergerät für Heizung D5W Z, Überhitzungsfühler, Glühkerze für Heizung, Außentemperaturschalter	366
045 - Zweitbatterie	367-371
1. Zweitbatterie	367-368
2. Batterie-Trennrelais, Zweitbatterie	369
3. 12 V-Steckdosen, Sicherungsbelegung	370
4. Sicherungsbelegung	371
046 - Frontscheibenheizung	372-375
1. Frontscheibenheizung	372-373
2. Relais für beheizbare Frontscheibe, beheizbare Frontscheibe	374
3. Frontscheibenheizung	375
047 - Beheizbarer und elektrisch verstellbarer Außenspiegel mit Anklappfunktion	376-380
1. Beheizbarer und elektrisch verstellbarer Außenspiegel mit Anklappfunktion	376
2. Schalter für Spiegelverstellung mit Anklappfunktion, Schalter für Spiegelverstellung, Motor für Spiegelanklappung Fahrerseite	377
3. Steuergerät für Spiegelanklappung, Spiegelverstellung Beifahrerseite, Motor für Spiegelanklappung Beifahrerseite	378
4. Relais für beheizbare Heckscheibe, Steuergerät für Multifunktionseinheit, Sicherung 19 im Sicherungshalter	379
5. Sicherung 2 im Sicherungshalter	380
048 - Sitzheizung	381-383
1. Sitzheizung	381
2. Steuergerät für beheizbaren Fahrersitz, Temperaturfühler - Fahrersitz, beheizbarer Fahrersitz, beheizbare Fahrersitzlehne	382
3. Steuergerät für beheizbaren Beifahrersitz, Temperaturfühler - Beifahrersitz, beheizbarer Beifahrersitz, beheizbare Beifahrersitzlehne	383
049 - Gasentladungsscheinwerfer mit automatischer Leuchtweitenregelung	384-394
1. Gasentladungsscheinwerfer mit automatischer Leuchtweitenregelung	384
2. Schalttafeleinsatz, Kontrollampe für Fernlicht, Kontrollampe für Nebelschlußleuchte, Kontrollampe für Blinker, Kontrollampe Lampenausfall	385
3. Steuergerät für Gasentladungslampe mit LWR links, Steuergerät für Gasentladungslampe links, Lampe für Standlicht links, Lampe für Standlicht rechts, Lampe für Abblendlicht und Fernlicht links
386
4. Steuergerät für Gasentladungslampe mit LWR links, Geber für Fahrzeugniveau, Stellmotor links für Leuchtweitenregelung	387
5. Steuergerät für Gasentladungslampe mit LWR links, Geber für Fahrzeugniveau, Eigendiagnose-Anschluß	388
6. Steuergerät für Gasentladungslampe mit LWR rechts, Stellmotor rechts für Leuchtweitenregelung	389
7. Steuergerät für Gasentladungslampe rechts, Gasentladungslampe rechts, Lampe für Blinklicht rechts, Lampe für Abblendlicht und Fernlicht rechts
390
8. Schlußlicht links, Schlußlicht rechts, Blinklicht vorn rechts	391
9. Blinkerschalter, Schalter für Handabblendung und Lichthupe, Schalter für Parklicht	392
10. Bremslichtschalter, Schalter für Rückfahrleuchten, Rückfahrlicht, Nebelschlußlicht	393
11. Spannungsversorgung	394
050 - Scheinwerferreinigungsanlage, Scheibenwisch- und -waschanlage	395-398
1. Scheinwerferreinigungsanlage, Scheibenwisch- und -waschanlage	395
2. Pumpe für Scheinwerferreinigungsanlage, Relais für Scheinwerferreinigungsanlage	396
3. Scheibenwischerschalter für Intervallbetrieb, Regler für Scheibenwischer-Intervallschaltung, Relais für Scheinwerferreinigungsanlage	397
4. Scheibenwischermotor, Motor für Heckscheibenwischer, Front- und Heckscheibenwaschpumpe	398
051 - Grundausstattung	399-421
1. Grundausstattung	399-400
2. Batterie, Entlastungsrelais für X-Kontakt	401
3. Zündanlaßschalter	402
4. Steuergerät im Schalttafeleinsatz, Diagnose-Interface für Datenbus, Anschluss für Diagnose	403
5. Schalttafeleinsatz, Kontrollampe für Wegfahrsicherung	404
6. Anrufbaste für Multifunktionsanzeige, Relais für Kühlmittelnachlauf, Kontaktschalter für Bremsflüssigkeitsstand, Bremslichtschalter, Schalter für Bremsbelagverschleiß vorn rechts, Geber für Bremsbelagverschleiß links, Geber für Bremsbelagverschleiß hinten rechts, Relais für Multifunktionseinheit, Bremslichtschalter
404
7. Kontaktschalter für Motorhaube, Relais für Multifunktionseinheit	405
8. Schalter für Handbremskontrolle, Warnkontakt für Bremsflüssigkeitsstand, Scheiben-Waschwasserstandsgeber, Steuergerät für Multifunktionseinheit
406
9. Warnlichtschalter, Lampe für Blinklicht links, Lampe für Fernlichtscheinwerfer links	407
10. Blinklichtschalter, Schalter für Handabblendung und Lichthupe, Schalter für Parklicht, Lampe für Standlicht rechts, Lampe für Blinklicht vorn rechts, Lampe für Fernlichtscheinwerfer rechts
408
11. Regler für Schalter- und Instrumentenbeleuchtung, Einsteller für Leuchtweitenregelung, Stellmotor rechts für Leuchtweitenregelung, Stellmotor links für Leuchtweitenregelung
409
12. Lichtschalter, Schalter für Nebelschlussleuchte, Schalter für Nebelscheinwerfer, Kontrolleuchte für Nebelscheinwerfer	410
13. Bremslichtschalter, Lampe für Schlusslicht rechts, Lampe für Schlusslicht links, Lampe für Bremslicht links, Lampe für Bremslicht rechts	411
